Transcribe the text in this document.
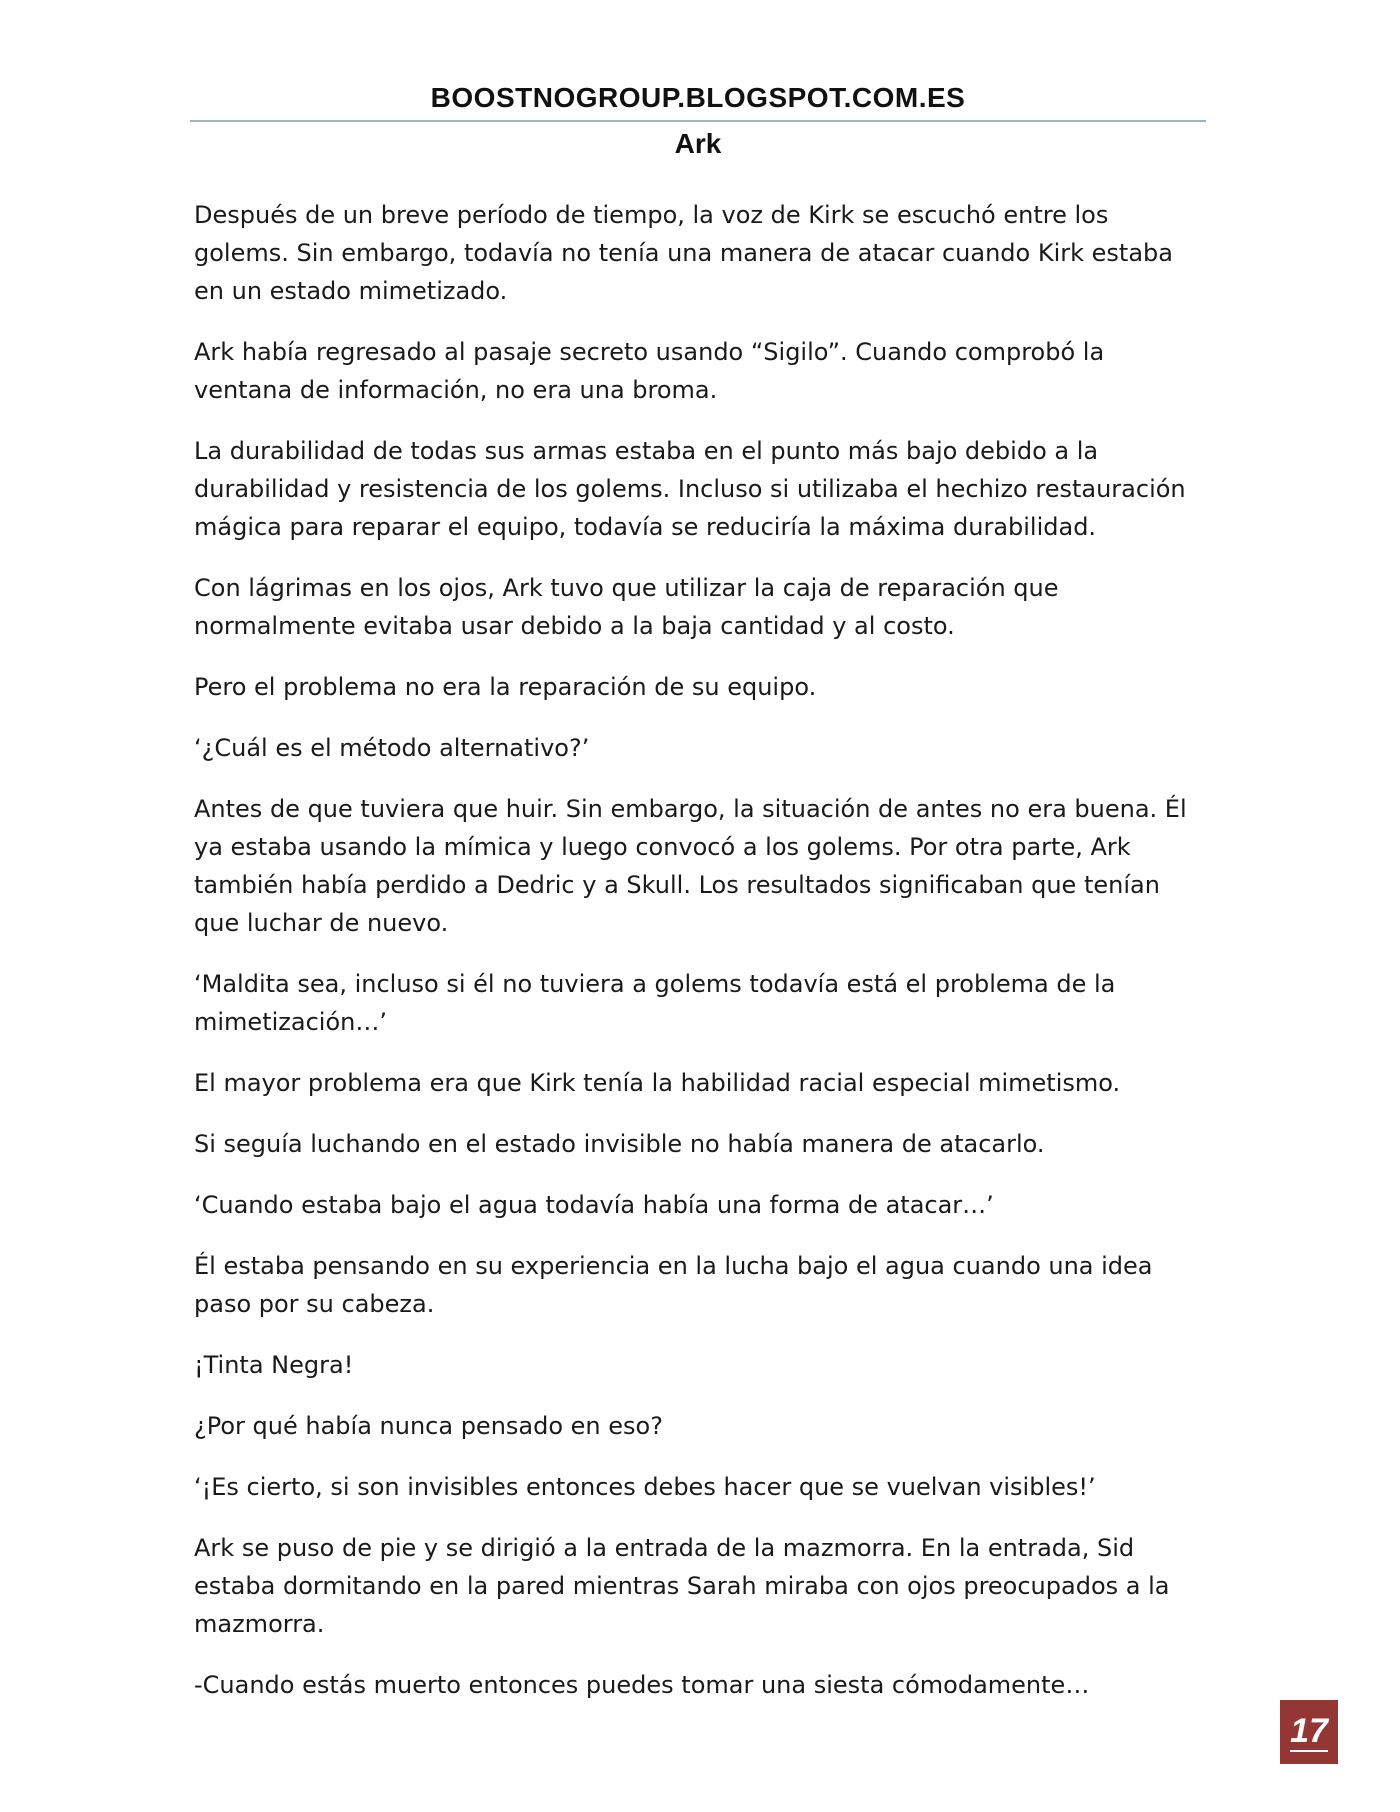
BOOSTNOGROUP.BLOGSPOT.COM.ES
Ark

Después de un breve período de tiempo, la voz de Kirk se escuchó entre los golems. Sin embargo, todavía no tenía una manera de atacar cuando Kirk estaba en un estado mimetizado.

Ark había regresado al pasaje secreto usando “Sigilo”. Cuando comprobó la ventana de información, no era una broma.

La durabilidad de todas sus armas estaba en el punto más bajo debido a la durabilidad y resistencia de los golems. Incluso si utilizaba el hechizo restauración mágica para reparar el equipo, todavía se reduciría la máxima durabilidad.

Con lágrimas en los ojos, Ark tuvo que utilizar la caja de reparación que normalmente evitaba usar debido a la baja cantidad y al costo.

Pero el problema no era la reparación de su equipo.

‘¿Cuál es el método alternativo?’

Antes de que tuviera que huir. Sin embargo, la situación de antes no era buena. Él ya estaba usando la mímica y luego convocó a los golems. Por otra parte, Ark también había perdido a Dedric y a Skull. Los resultados significaban que tenían que luchar de nuevo.

‘Maldita sea, incluso si él no tuviera a golems todavía está el problema de la mimetización…’

El mayor problema era que Kirk tenía la habilidad racial especial mimetismo.

Si seguía luchando en el estado invisible no había manera de atacarlo.

‘Cuando estaba bajo el agua todavía había una forma de atacar…’

Él estaba pensando en su experiencia en la lucha bajo el agua cuando una idea paso por su cabeza.

¡Tinta Negra!

¿Por qué había nunca pensado en eso?

‘¡Es cierto, si son invisibles entonces debes hacer que se vuelvan visibles!’

Ark se puso de pie y se dirigió a la entrada de la mazmorra. En la entrada, Sid estaba dormitando en la pared mientras Sarah miraba con ojos preocupados a la mazmorra.

-Cuando estás muerto entonces puedes tomar una siesta cómodamente…

17
